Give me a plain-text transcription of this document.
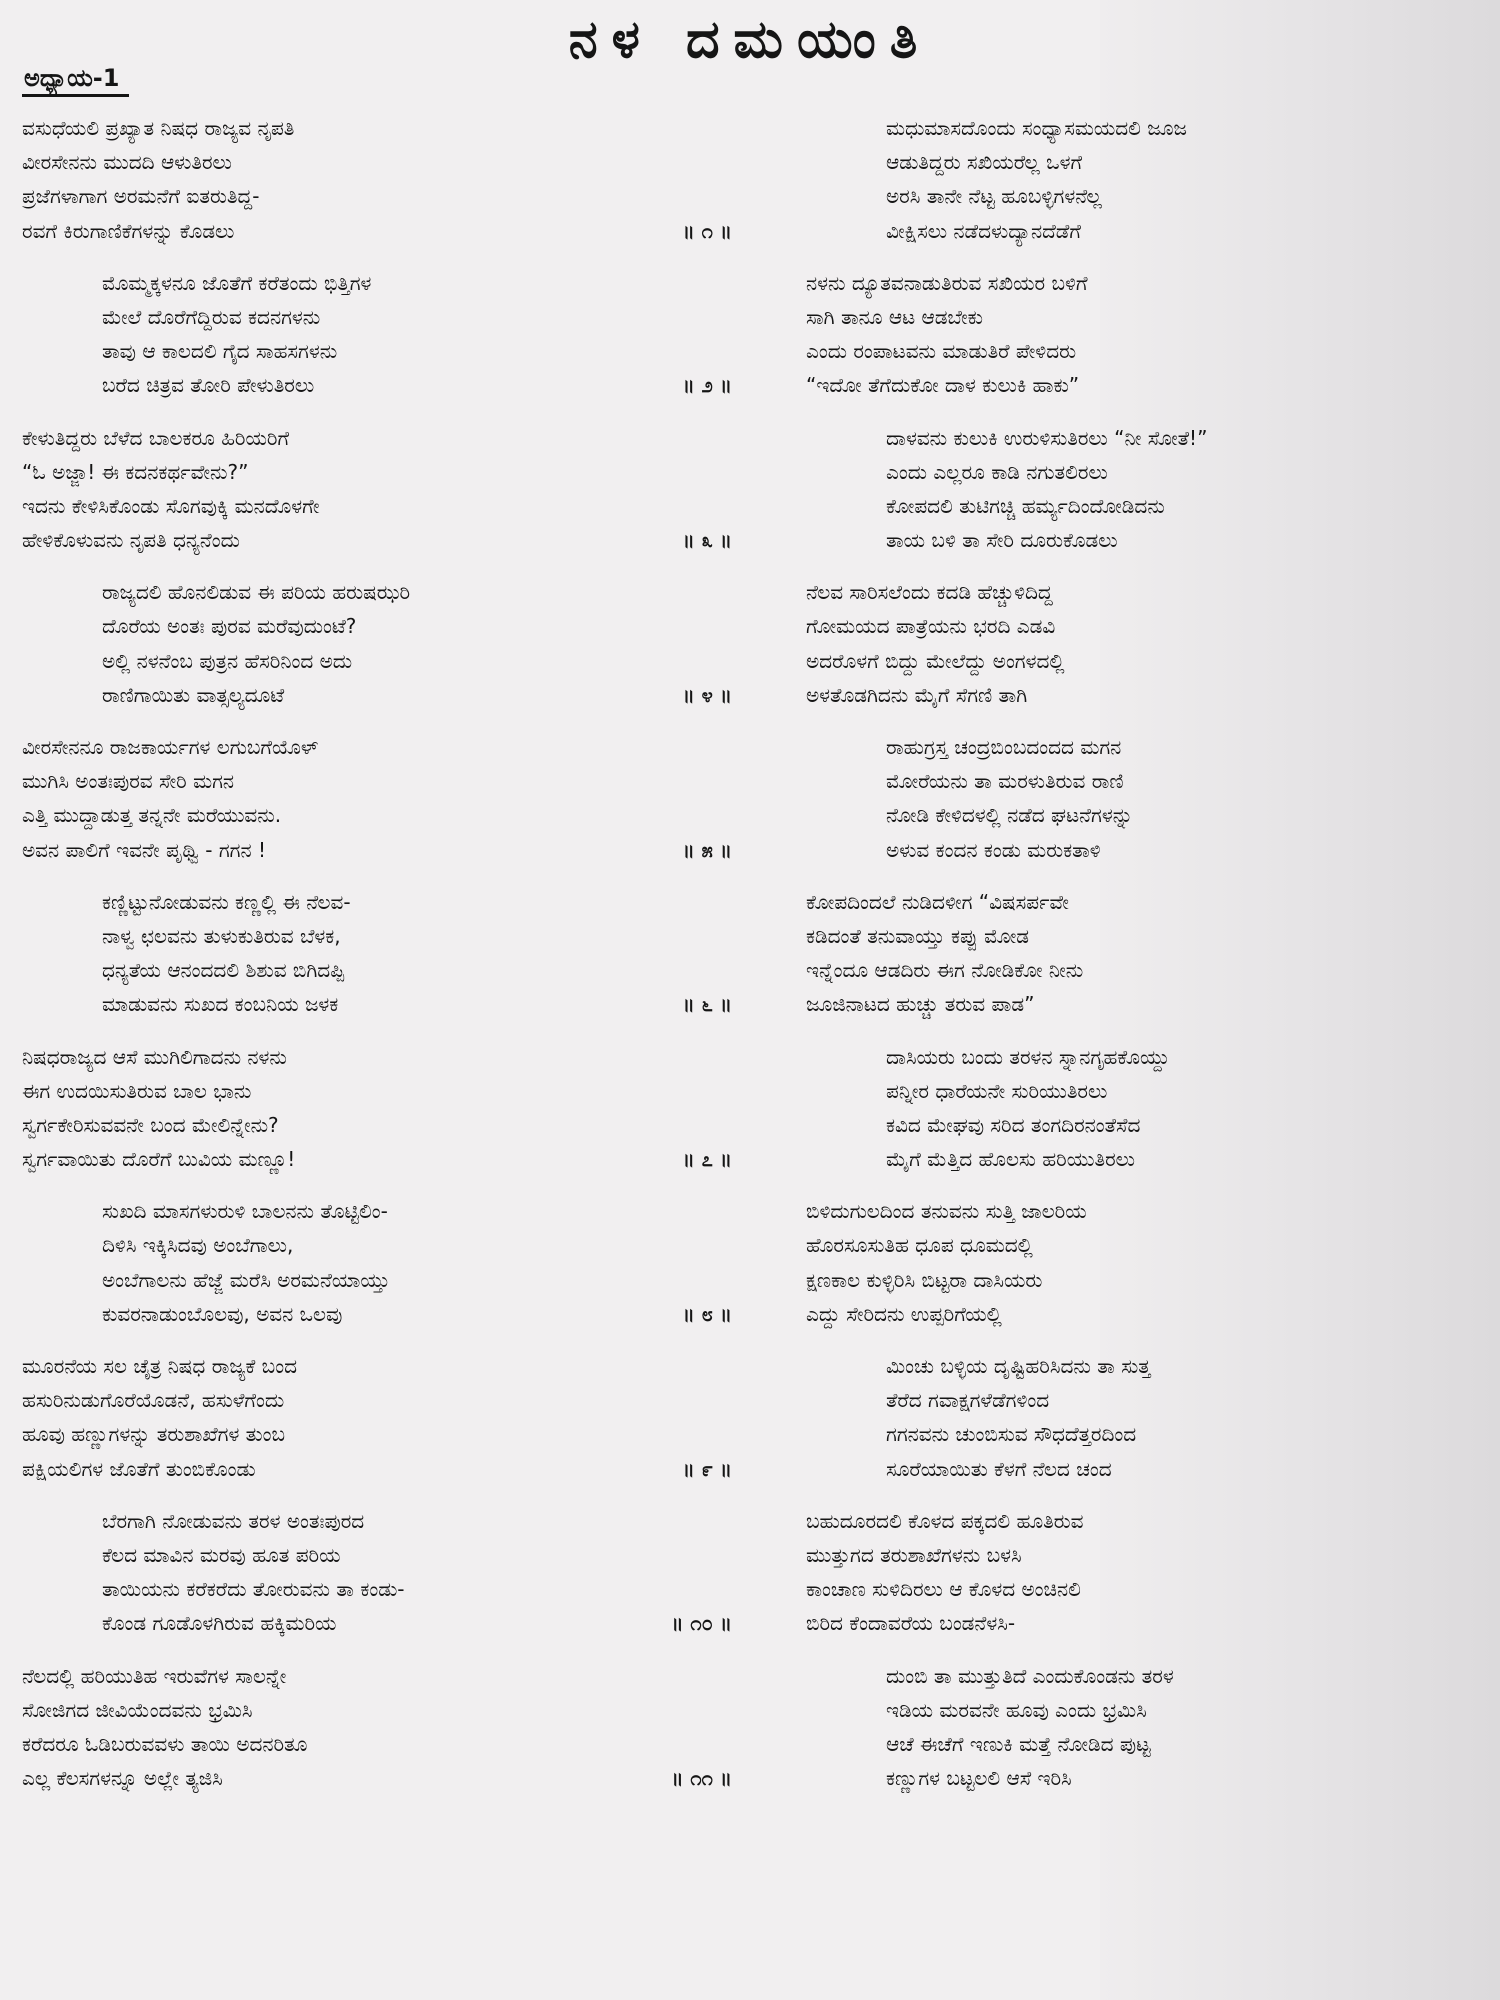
ನಳ ದಮಯಂತಿ
ಅಧ್ಯಾಯ-1
ವಸುಧೆಯಲಿ ಪ್ರಖ್ಯಾತ ನಿಷಧ ರಾಜ್ಯವ ನೃಪತಿ
ವೀರಸೇನನು ಮುದದಿ ಆಳುತಿರಲು
ಪ್ರಜೆಗಳಾಗಾಗ ಅರಮನೆಗೆ ಐತರುತಿದ್ದ-
ರವಗೆ ಕಿರುಗಾಣಿಕೆಗಳನ್ನು ಕೊಡಲು	॥ ೧ ॥
ಮೊಮ್ಮಕ್ಕಳನೂ ಜೊತೆಗೆ ಕರೆತಂದು ಭಿತ್ತಿಗಳ
ಮೇಲೆ ದೊರೆಗೆದ್ದಿರುವ ಕದನಗಳನು
ತಾವು ಆ ಕಾಲದಲಿ ಗೈದ ಸಾಹಸಗಳನು
ಬರೆದ ಚಿತ್ರವ ತೋರಿ ಪೇಳುತಿರಲು	॥ ೨ ॥
ಕೇಳುತಿದ್ದರು ಬೆಳೆದ ಬಾಲಕರೂ ಹಿರಿಯರಿಗೆ
“ಓ ಅಜ್ಜಾ! ಈ ಕದನಕರ್ಥವೇನು?”
ಇದನು ಕೇಳಿಸಿಕೊಂಡು ಸೊಗವುಕ್ಕಿ ಮನದೊಳಗೇ
ಹೇಳಿಕೊಳುವನು ನೃಪತಿ ಧನ್ಯನೆಂದು	॥ ೩ ॥
ರಾಜ್ಯದಲಿ ಹೊನಲಿಡುವ ಈ ಪರಿಯ ಹರುಷಝರಿ
ದೊರೆಯ ಅಂತಃ ಪುರವ ಮರೆವುದುಂಟೆ?
ಅಲ್ಲಿ ನಳನೆಂಬ ಪುತ್ರನ ಹೆಸರಿನಿಂದ ಅದು
ರಾಣಿಗಾಯಿತು ವಾತ್ಸಲ್ಯದೂಟೆ	॥ ೪ ॥
ವೀರಸೇನನೂ ರಾಜಕಾರ್ಯಗಳ ಲಗುಬಗೆಯೊಳ್
ಮುಗಿಸಿ ಅಂತಃಪುರವ ಸೇರಿ ಮಗನ
ಎತ್ತಿ ಮುದ್ದಾಡುತ್ತ ತನ್ನನೇ ಮರೆಯುವನು.
ಅವನ ಪಾಲಿಗೆ ಇವನೇ ಪೃಥ್ವಿ - ಗಗನ !	॥ ೫ ॥
ಕಣ್ಣಿಟ್ಟುನೋಡುವನು ಕಣ್ಣಲ್ಲಿ ಈ ನೆಲವ-
ನಾಳ್ವ ಛಲವನು ತುಳುಕುತಿರುವ ಬೆಳಕ,
ಧನ್ಯತೆಯ ಆನಂದದಲಿ ಶಿಶುವ ಬಿಗಿದಪ್ಪಿ
ಮಾಡುವನು ಸುಖದ ಕಂಬನಿಯ ಜಳಕ	॥ ೬ ॥
ನಿಷಧರಾಜ್ಯದ ಆಸೆ ಮುಗಿಲಿಗಾದನು ನಳನು
ಈಗ ಉದಯಿಸುತಿರುವ ಬಾಲ ಭಾನು
ಸ್ವರ್ಗಕೇರಿಸುವವನೇ ಬಂದ ಮೇಲಿನ್ನೇನು?
ಸ್ವರ್ಗವಾಯಿತು ದೊರೆಗೆ ಬುವಿಯ ಮಣ್ಣೂ!	॥ ೭ ॥
ಸುಖದಿ ಮಾಸಗಳುರುಳಿ ಬಾಲನನು ತೊಟ್ಟಿಲಿಂ-
ದಿಳಿಸಿ ಇಕ್ಕಿಸಿದವು ಅಂಬೆಗಾಲು,
ಅಂಬೆಗಾಲನು ಹೆಜ್ಜೆ ಮರೆಸಿ ಅರಮನೆಯಾಯ್ತು
ಕುವರನಾಡುಂಬೊಲವು, ಅವನ ಒಲವು	॥ ೮ ॥
ಮೂರನೆಯ ಸಲ ಚೈತ್ರ ನಿಷಧ ರಾಜ್ಯಕೆ ಬಂದ
ಹಸುರಿನುಡುಗೊರೆಯೊಡನೆ, ಹಸುಳೆಗೆಂದು
ಹೂವು ಹಣ್ಣುಗಳನ್ನು ತರುಶಾಖೆಗಳ ತುಂಬ
ಪಕ್ಷಿಯಲಿಗಳ ಜೊತೆಗೆ ತುಂಬಿಕೊಂಡು	॥ ೯ ॥
ಬೆರಗಾಗಿ ನೋಡುವನು ತರಳ ಅಂತಃಪುರದ
ಕೆಲದ ಮಾವಿನ ಮರವು ಹೂತ ಪರಿಯ
ತಾಯಿಯನು ಕರೆಕರೆದು ತೋರುವನು ತಾ ಕಂಡು-
ಕೊಂಡ ಗೂಡೊಳಗಿರುವ ಹಕ್ಕಿಮರಿಯ	॥ ೧೦ ॥
ನೆಲದಲ್ಲಿ ಹರಿಯುತಿಹ ಇರುವೆಗಳ ಸಾಲನ್ನೇ
ಸೋಜಿಗದ ಜೀವಿಯೆಂದವನು ಭ್ರಮಿಸಿ
ಕರೆದರೂ ಓಡಿಬರುವವಳು ತಾಯಿ ಅದನರಿತೂ
ಎಲ್ಲ ಕೆಲಸಗಳನ್ನೂ ಅಲ್ಲೇ ತ್ಯಜಿಸಿ	॥ ೧೧ ॥
ಮಧುಮಾಸದೊಂದು ಸಂಧ್ಯಾಸಮಯದಲಿ ಜೂಜ
ಆಡುತಿದ್ದರು ಸಖಿಯರೆಲ್ಲ ಒಳಗೆ
ಅರಸಿ ತಾನೇ ನೆಟ್ಟ ಹೂಬಳ್ಳಿಗಳನೆಲ್ಲ
ವೀಕ್ಷಿಸಲು ನಡೆದಳುದ್ಯಾನದೆಡೆಗೆ
ನಳನು ದ್ಯೂತವನಾಡುತಿರುವ ಸಖಿಯರ ಬಳಿಗೆ
ಸಾಗಿ ತಾನೂ ಆಟ ಆಡಬೇಕು
ಎಂದು ರಂಪಾಟವನು ಮಾಡುತಿರೆ ಪೇಳಿದರು
“ಇದೋ ತೆಗೆದುಕೋ ದಾಳ ಕುಲುಕಿ ಹಾಕು”
ದಾಳವನು ಕುಲುಕಿ ಉರುಳಿಸುತಿರಲು “ನೀ ಸೋತೆ!”
ಎಂದು ಎಲ್ಲರೂ ಕಾಡಿ ನಗುತಲಿರಲು
ಕೋಪದಲಿ ತುಟಿಗಚ್ಚಿ ಹರ್ಮ್ಯದಿಂದೋಡಿದನು
ತಾಯ ಬಳಿ ತಾ ಸೇರಿ ದೂರುಕೊಡಲು
ನೆಲವ ಸಾರಿಸಲೆಂದು ಕದಡಿ ಹೆಚ್ಚುಳಿದಿದ್ದ
ಗೋಮಯದ ಪಾತ್ರೆಯನು ಭರದಿ ಎಡವಿ
ಅದರೊಳಗೆ ಬಿದ್ದು ಮೇಲೆದ್ದು ಅಂಗಳದಲ್ಲಿ
ಅಳತೊಡಗಿದನು ಮೈಗೆ ಸೆಗಣಿ ತಾಗಿ
ರಾಹುಗ್ರಸ್ತ ಚಂದ್ರಬಿಂಬದಂದದ ಮಗನ
ಮೋರೆಯನು ತಾ ಮರಳುತಿರುವ ರಾಣಿ
ನೋಡಿ ಕೇಳಿದಳಲ್ಲಿ ನಡೆದ ಘಟನೆಗಳನ್ನು
ಅಳುವ ಕಂದನ ಕಂಡು ಮರುಕತಾಳಿ
ಕೋಪದಿಂದಲೆ ನುಡಿದಳೀಗ “ವಿಷಸರ್ಪವೇ
ಕಡಿದಂತೆ ತನುವಾಯ್ತು ಕಪ್ಪು ಮೋಡ
ಇನ್ನೆಂದೂ ಆಡದಿರು ಈಗ ನೋಡಿಕೋ ನೀನು
ಜೂಜಿನಾಟದ ಹುಚ್ಚು ತರುವ ಪಾಡ”
ದಾಸಿಯರು ಬಂದು ತರಳನ ಸ್ನಾನಗೃಹಕೊಯ್ದು
ಪನ್ನೀರ ಧಾರೆಯನೇ ಸುರಿಯುತಿರಲು
ಕವಿದ ಮೇಘವು ಸರಿದ ತಂಗದಿರನಂತೆಸೆದ
ಮೈಗೆ ಮೆತ್ತಿದ ಹೊಲಸು ಹರಿಯುತಿರಲು
ಬಿಳಿದುಗುಲದಿಂದ ತನುವನು ಸುತ್ತಿ ಜಾಲರಿಯ
ಹೊರಸೂಸುತಿಹ ಧೂಪ ಧೂಮದಲ್ಲಿ
ಕ್ಷಣಕಾಲ ಕುಳ್ಳಿರಿಸಿ ಬಿಟ್ಟರಾ ದಾಸಿಯರು
ಎದ್ದು ಸೇರಿದನು ಉಪ್ಪರಿಗೆಯಲ್ಲಿ
ಮಿಂಚು ಬಳ್ಳಿಯ ದೃಷ್ಟಿಹರಿಸಿದನು ತಾ ಸುತ್ತ
ತೆರೆದ ಗವಾಕ್ಷಗಳೆಡೆಗಳಿಂದ
ಗಗನವನು ಚುಂಬಿಸುವ ಸೌಧದೆತ್ತರದಿಂದ
ಸೂರೆಯಾಯಿತು ಕೆಳಗೆ ನೆಲದ ಚಂದ
ಬಹುದೂರದಲಿ ಕೊಳದ ಪಕ್ಕದಲಿ ಹೂತಿರುವ
ಮುತ್ತುಗದ ತರುಶಾಖೆಗಳನು ಬಳಸಿ
ಕಾಂಚಾಣ ಸುಳಿದಿರಲು ಆ ಕೊಳದ ಅಂಚಿನಲಿ
ಬಿರಿದ ಕೆಂದಾವರೆಯ ಬಂಡನೆಳಸಿ-
ದುಂಬಿ ತಾ ಮುತ್ತುತಿದೆ ಎಂದುಕೊಂಡನು ತರಳ
ಇಡಿಯ ಮರವನೇ ಹೂವು ಎಂದು ಭ್ರಮಿಸಿ
ಆಚೆ ಈಚೆಗೆ ಇಣುಕಿ ಮತ್ತೆ ನೋಡಿದ ಪುಟ್ಟ
ಕಣ್ಣುಗಳ ಬಟ್ಟಲಲಿ ಆಸೆ ಇರಿಸಿ
